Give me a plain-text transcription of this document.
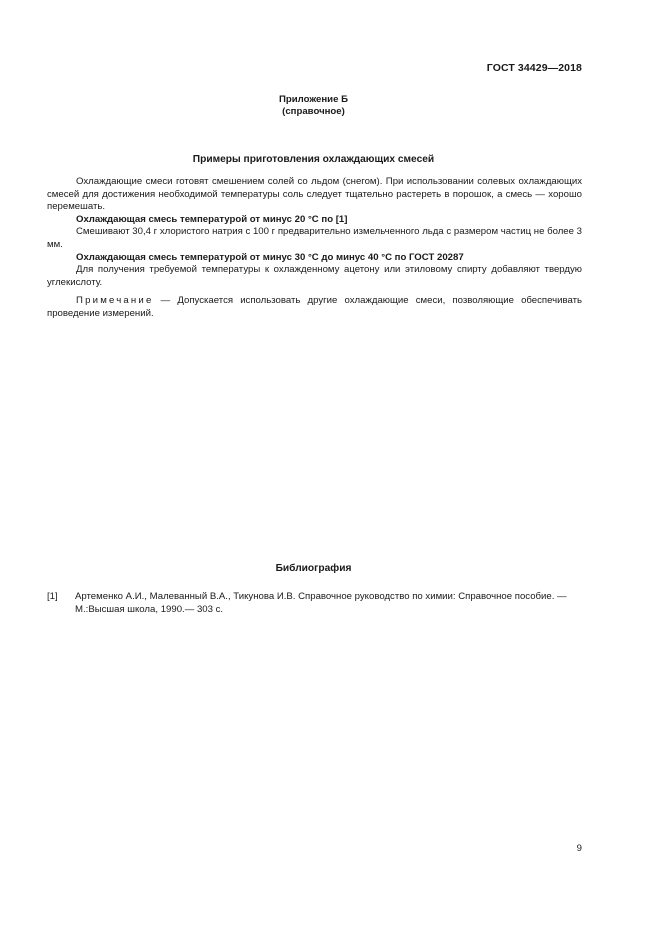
ГОСТ 34429—2018
Приложение Б
(справочное)
Примеры приготовления охлаждающих смесей

Охлаждающие смеси готовят смешением солей со льдом (снегом). При использовании солевых охлаждающих смесей для достижения необходимой температуры соль следует тщательно растереть в порошок, а смесь — хорошо перемешать.

Охлаждающая смесь температурой от минус 20 °С по [1]

Смешивают 30,4 г хлористого натрия с 100 г предварительно измельченного льда с размером частиц не более 3 мм.

Охлаждающая смесь температурой от минус 30 °С до минус 40 °С по ГОСТ 20287

Для получения требуемой температуры к охлажденному ацетону или этиловому спирту добавляют твердую углекислоту.

Примечание — Допускается использовать другие охлаждающие смеси, позволяющие обеспечивать проведение измерений.

Библиография
[1]	Артеменко А.И., Малеванный В.А., Тикунова И.В. Справочное руководство по химии: Справочное пособие. — М.:Высшая школа, 1990.— 303 с.
9
